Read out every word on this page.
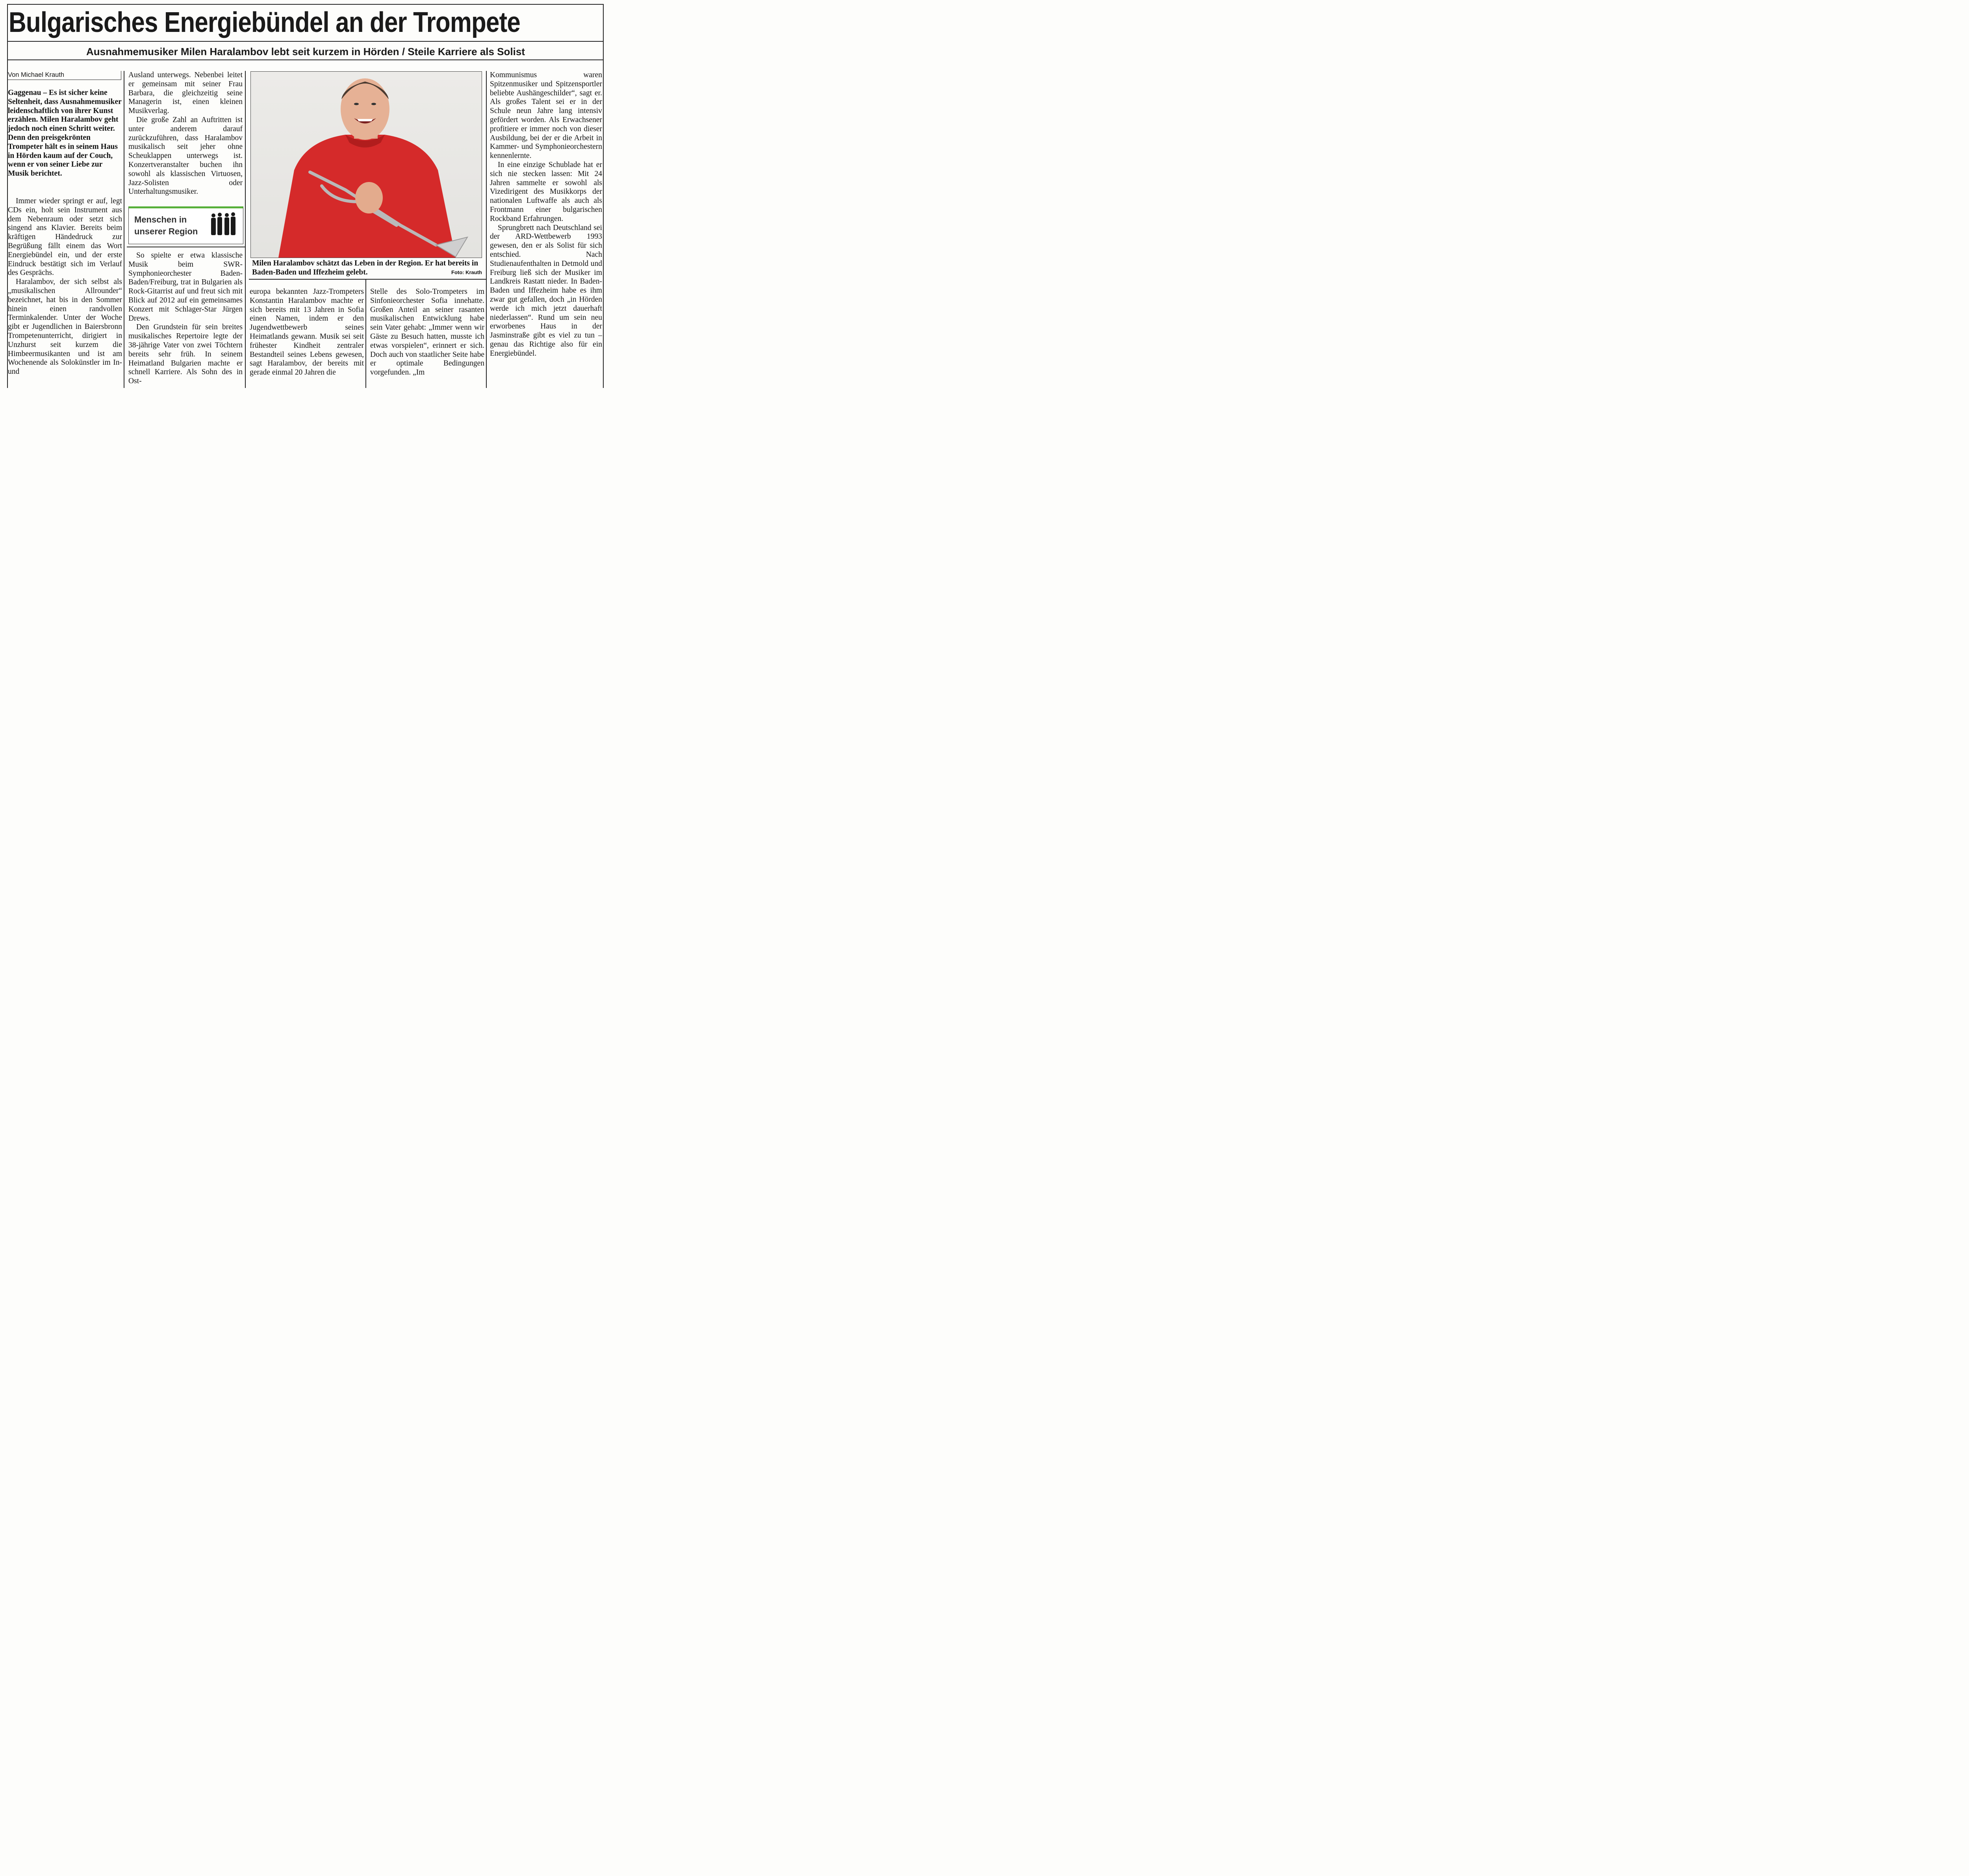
Bulgarisches Energiebündel an der Trompete
Ausnahmemusiker Milen Haralambov lebt seit kurzem in Hörden / Steile Karriere als Solist
Von Michael Krauth

Gaggenau – Es ist sicher keine Seltenheit, dass Ausnahmemusiker leidenschaftlich von ihrer Kunst erzählen. Milen Haralambov geht jedoch noch einen Schritt weiter. Denn den preisgekrönten Trompeter hält es in seinem Haus in Hörden kaum auf der Couch, wenn er von seiner Liebe zur Musik berichtet.

Immer wieder springt er auf, legt CDs ein, holt sein Instrument aus dem Nebenraum oder setzt sich singend ans Klavier. Bereits beim kräftigen Händedruck zur Begrüßung fällt einem das Wort Energiebündel ein, und der erste Eindruck bestätigt sich im Verlauf des Gesprächs.

Haralambov, der sich selbst als „musikalischen Allrounder“ bezeichnet, hat bis in den Sommer hinein einen randvollen Terminkalender. Unter der Woche gibt er Jugendlichen in Baiersbronn Trompetenunterricht, dirigiert in Unzhurst seit kurzem die Himbeermusikanten und ist am Wochenende als Solokünstler im In- und

Ausland unterwegs. Nebenbei leitet er gemeinsam mit seiner Frau Barbara, die gleichzeitig seine Managerin ist, einen kleinen Musikverlag.

Die große Zahl an Auftritten ist unter anderem darauf zurückzuführen, dass Haralambov musikalisch seit jeher ohne Scheuklappen unterwegs ist. Konzertveranstalter buchen ihn sowohl als klassischen Virtuosen, Jazz-Solisten oder Unterhaltungsmusiker.

Menschen in
unserer Region

So spielte er etwa klassische Musik beim SWR-Symphonieorchester Baden-Baden/Freiburg, trat in Bulgarien als Rock-Gitarrist auf und freut sich mit Blick auf 2012 auf ein gemeinsames Konzert mit Schlager-Star Jürgen Drews.

Den Grundstein für sein breites musikalisches Repertoire legte der 38-jährige Vater von zwei Töchtern bereits sehr früh. In seinem Heimatland Bulgarien machte er schnell Karriere. Als Sohn des in Ost-

Milen Haralambov schätzt das Leben in der Region. Er hat bereits in Baden-Baden und Iffezheim gelebt.	Foto: Krauth

europa bekannten Jazz-Trompeters Konstantin Haralambov machte er sich bereits mit 13 Jahren in Sofia einen Namen, indem er den Jugendwettbewerb seines Heimatlands gewann. Musik sei seit frühester Kindheit zentraler Bestandteil seines Lebens gewesen, sagt Haralambov, der bereits mit gerade einmal 20 Jahren die

Stelle des Solo-Trompeters im Sinfonieorchester Sofia innehatte. Großen Anteil an seiner rasanten musikalischen Entwicklung habe sein Vater gehabt: „Immer wenn wir Gäste zu Besuch hatten, musste ich etwas vorspielen“, erinnert er sich. Doch auch von staatlicher Seite habe er optimale Bedingungen vorgefunden. „Im

Kommunismus waren Spitzenmusiker und Spitzensportler beliebte Aushängeschilder“, sagt er. Als großes Talent sei er in der Schule neun Jahre lang intensiv gefördert worden. Als Erwachsener profitiere er immer noch von dieser Ausbildung, bei der er die Arbeit in Kammer- und Symphonieorchestern kennenlernte.

In eine einzige Schublade hat er sich nie stecken lassen: Mit 24 Jahren sammelte er sowohl als Vizedirigent des Musikkorps der nationalen Luftwaffe als auch als Frontmann einer bulgarischen Rockband Erfahrungen.

Sprungbrett nach Deutschland sei der ARD-Wettbewerb 1993 gewesen, den er als Solist für sich entschied. Nach Studienaufenthalten in Detmold und Freiburg ließ sich der Musiker im Landkreis Rastatt nieder. In Baden-Baden und Iffezheim habe es ihm zwar gut gefallen, doch „in Hörden werde ich mich jetzt dauerhaft niederlassen“. Rund um sein neu erworbenes Haus in der Jasminstraße gibt es viel zu tun – genau das Richtige also für ein Energiebündel.
